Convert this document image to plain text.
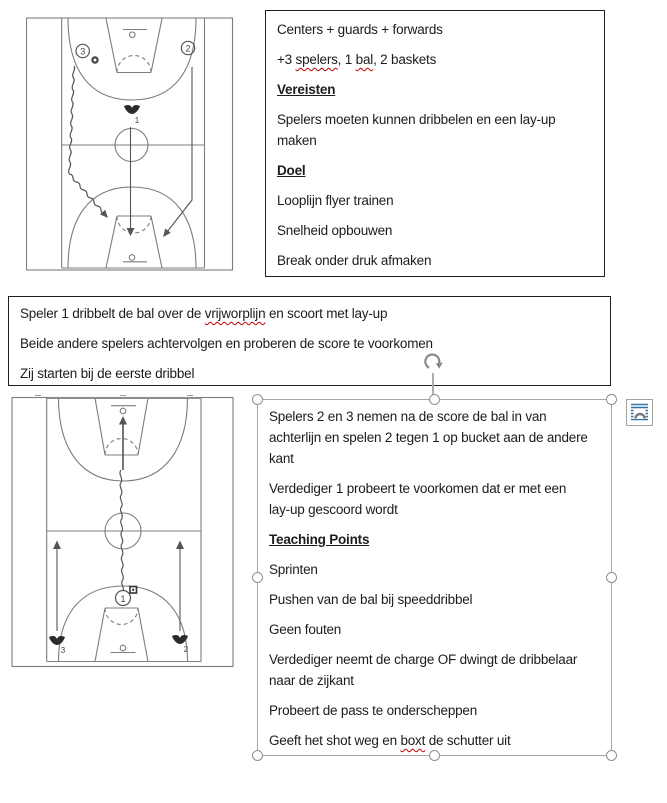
3	2
1

Centers + guards + forwards

+3 spelers, 1 bal, 2 baskets

Vereisten

Spelers moeten kunnen dribbelen en een lay-up
maken

Doel

Looplijn flyer trainen

Snelheid opbouwen

Break onder druk afmaken

Speler 1 dribbelt de bal over de vrijworplijn en scoort met lay-up

Beide andere spelers achtervolgen en proberen de score te voorkomen

Zij starten bij de eerste dribbel

1
3	2

Spelers 2 en 3 nemen na de score de bal in van
achterlijn en spelen 2 tegen 1 op bucket aan de andere
kant

Verdediger 1 probeert te voorkomen dat er met een
lay-up gescoord wordt

Teaching Points

Sprinten

Pushen van de bal bij speeddribbel

Geen fouten

Verdediger neemt de charge OF dwingt de dribbelaar
naar de zijkant

Probeert de pass te onderscheppen

Geeft het shot weg en boxt de schutter uit
